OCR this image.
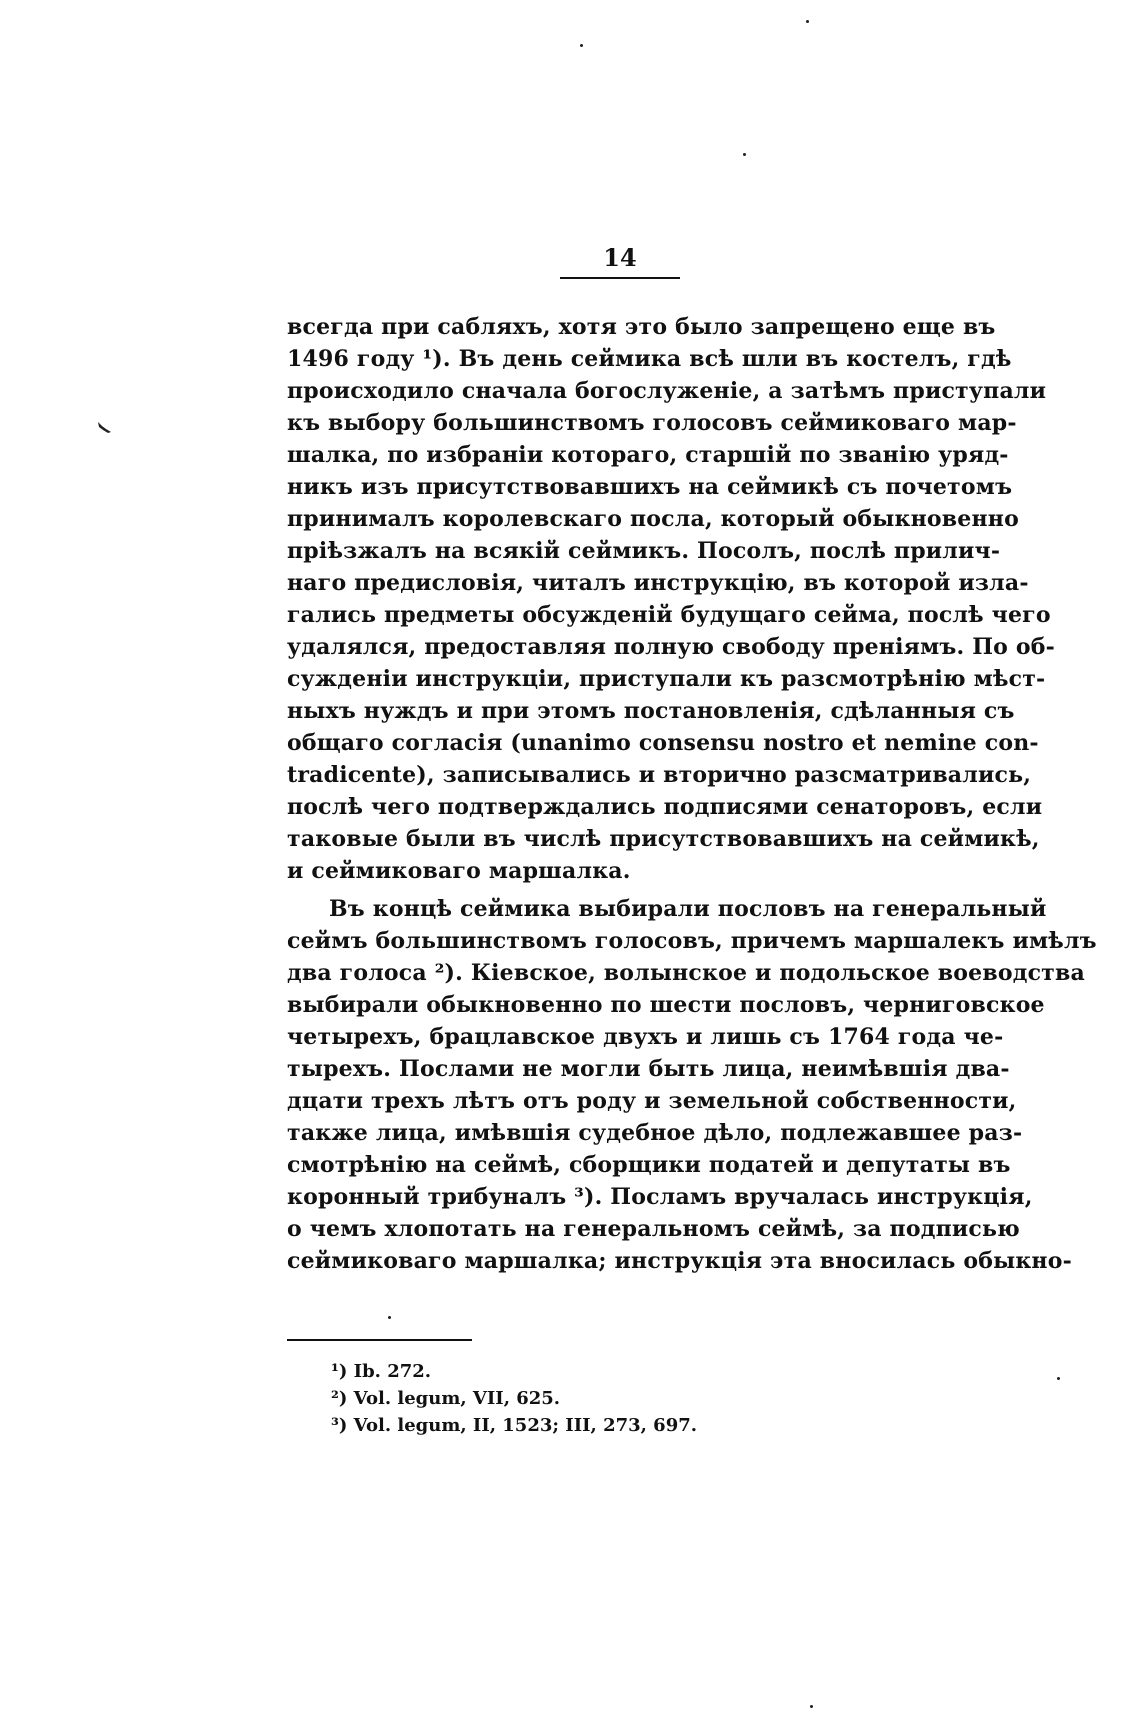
14
всегда при сабляхъ, хотя это было запрещено еще въ
1496 году ¹). Въ день сеймика всѣ шли въ костелъ, гдѣ
происходило сначала богослуженіе, а затѣмъ приступали
къ выбору большинствомъ голосовъ сеймиковаго мар-
шалка, по избраніи котораго, старшій по званію уряд-
никъ изъ присутствовавшихъ на сеймикѣ съ почетомъ
принималъ королевскаго посла, который обыкновенно
пріѣзжалъ на всякій сеймикъ. Посолъ, послѣ прилич-
наго предисловія, читалъ инструкцію, въ которой изла-
гались предметы обсужденій будущаго сейма, послѣ чего
удалялся, предоставляя полную свободу преніямъ. По об-
сужденіи инструкціи, приступали къ разсмотрѣнію мѣст-
ныхъ нуждъ и при этомъ постановленія, сдѣланныя съ
общаго согласія (unanimo consensu nostro et nemine con-
tradicente), записывались и вторично разсматривались,
послѣ чего подтверждались подписями сенаторовъ, если
таковые были въ числѣ присутствовавшихъ на сеймикѣ,
и сеймиковаго маршалка.
Въ концѣ сеймика выбирали пословъ на генеральный
сеймъ большинствомъ голосовъ, причемъ маршалекъ имѣлъ
два голоса ²). Кіевское, волынское и подольское воеводства
выбирали обыкновенно по шести пословъ, черниговское
четырехъ, брацлавское двухъ и лишь съ 1764 года че-
тырехъ. Послами не могли быть лица, неимѣвшія два-
дцати трехъ лѣтъ отъ роду и земельной собственности,
также лица, имѣвшія судебное дѣло, подлежавшее раз-
смотрѣнію на сеймѣ, сборщики податей и депутаты въ
коронный трибуналъ ³). Посламъ вручалась инструкція,
о чемъ хлопотать на генеральномъ сеймѣ, за подписью
сеймиковаго маршалка; инструкція эта вносилась обыкно-
¹) Ib. 272.
²) Vol. legum, VII, 625.
³) Vol. legum, II, 1523; III, 273, 697.
